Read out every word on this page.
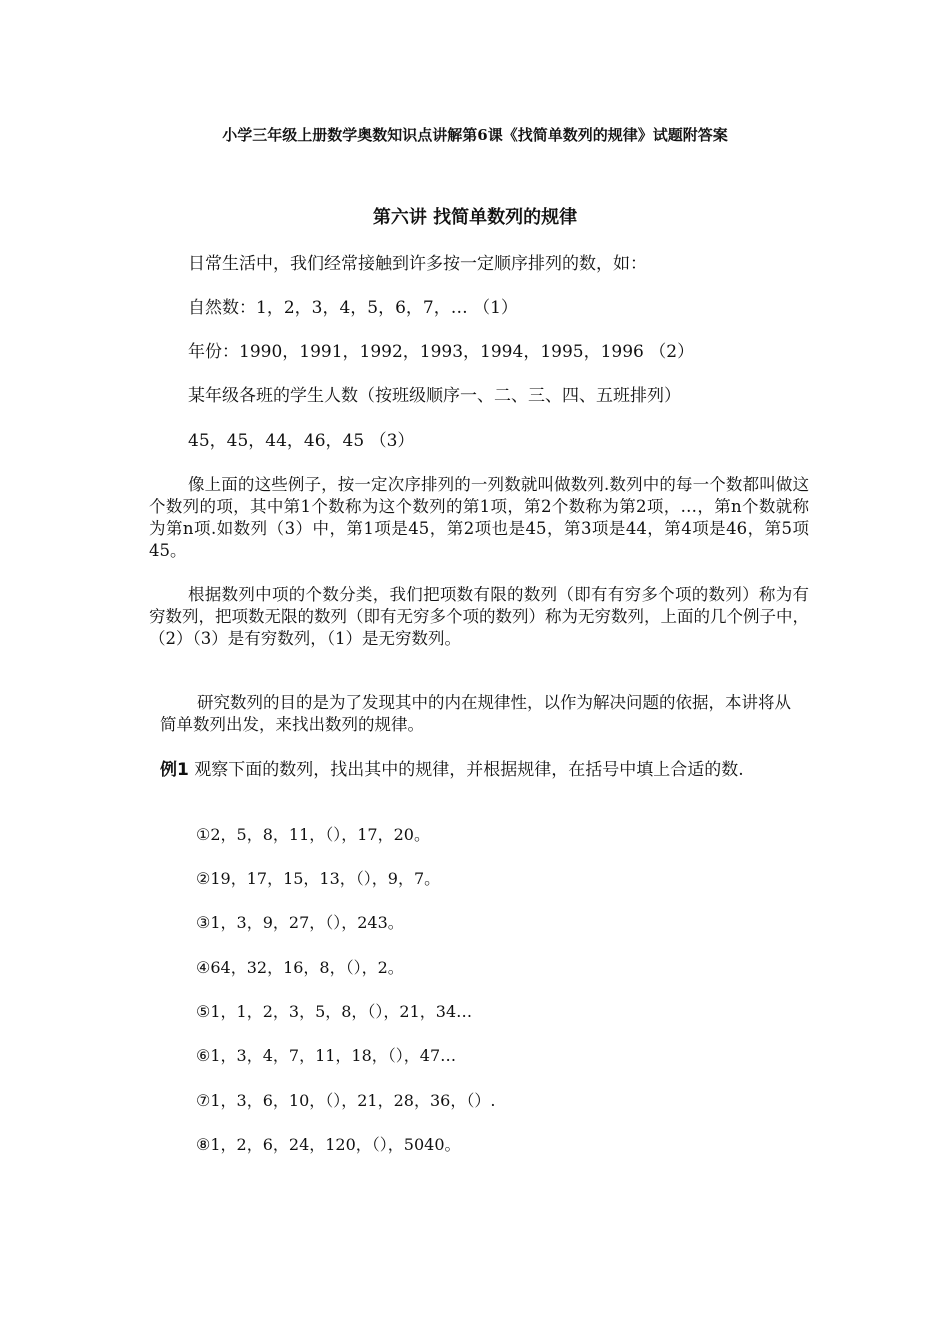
小学三年级上册数学奥数知识点讲解第6课《找简单数列的规律》试题附答案
第六讲 找简单数列的规律
日常生活中，我们经常接触到许多按一定顺序排列的数，如：
自然数：1，2，3，4，5，6，7，… （1）
年份：1990，1991，1992，1993，1994，1995，1996 （2）
某年级各班的学生人数（按班级顺序一、二、三、四、五班排列）
45，45，44，46，45 （3）
像上面的这些例子，按一定次序排列的一列数就叫做数列.数列中的每一个数都叫做这个数列的项，其中第1个数称为这个数列的第1项，第2个数称为第2项，…，第n个数就称为第n项.如数列（3）中，第1项是45，第2项也是45，第3项是44，第4项是46，第5项45。
根据数列中项的个数分类，我们把项数有限的数列（即有有穷多个项的数列）称为有穷数列，把项数无限的数列（即有无穷多个项的数列）称为无穷数列，上面的几个例子中，（2）（3）是有穷数列，（1）是无穷数列。
研究数列的目的是为了发现其中的内在规律性，以作为解决问题的依据，本讲将从简单数列出发，来找出数列的规律。
例1 观察下面的数列，找出其中的规律，并根据规律，在括号中填上合适的数.
①2，5，8，11，（），17，20。
②19，17，15，13，（），9，7。
③1，3，9，27，（），243。
④64，32，16，8，（），2。
⑤1，1，2，3，5，8，（），21，34…
⑥1，3，4，7，11，18，（），47…
⑦1，3，6，10，（），21，28，36，（）.
⑧1，2，6，24，120，（），5040。
